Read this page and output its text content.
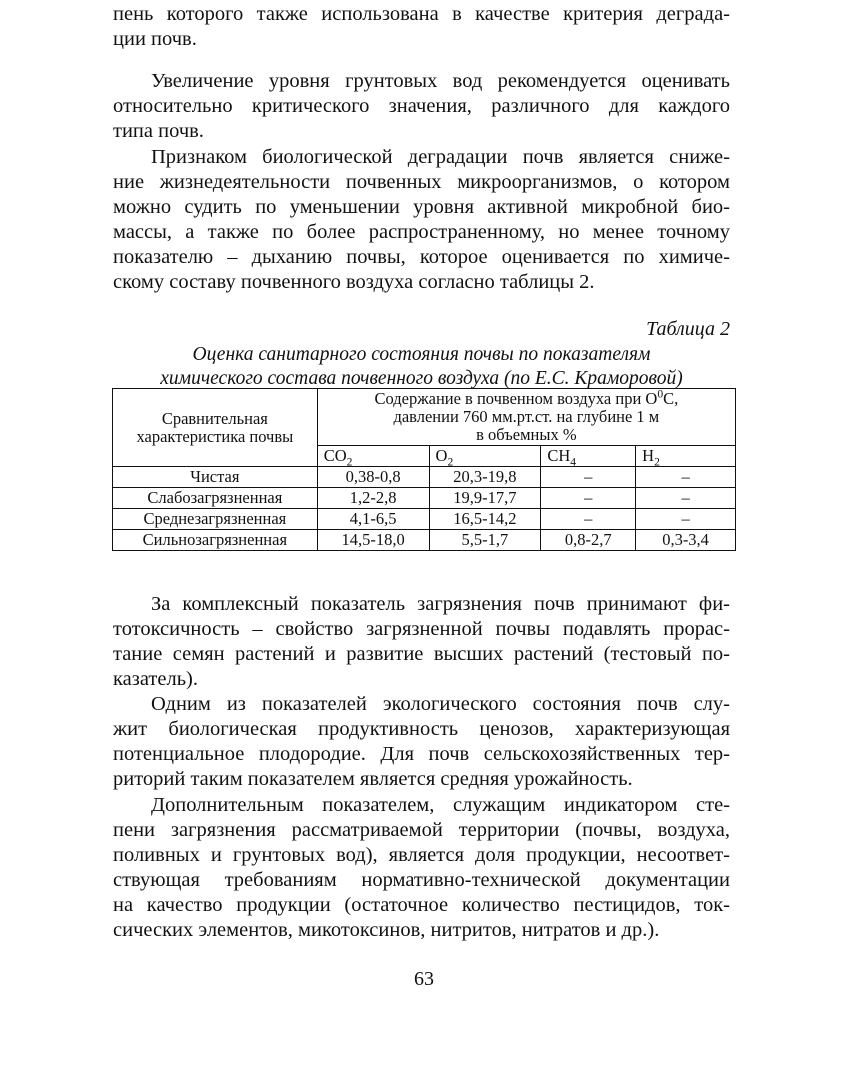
пень которого также использована в качестве критерия деграда-
ции почв.

Увеличение уровня грунтовых вод рекомендуется оценивать
относительно критического значения, различного для каждого
типа почв.

Признаком биологической деградации почв является сниже-
ние жизнедеятельности почвенных микроорганизмов, о котором
можно судить по уменьшении уровня активной микробной био-
массы, а также по более распространенному, но менее точному
показателю – дыханию почвы, которое оценивается по химиче-
скому составу почвенного воздуха согласно таблицы 2.

Таблица 2

Оценка санитарного состояния почвы по показателям
химического состава почвенного воздуха (по Е.С. Краморовой)

Сравнительная
характеристика почвы	Содержание в почвенном воздуха при $О^0С$,
давлении 760 мм.рт.ст. на глубине 1 м
в объемных %			

	$CO_2$	$O_2$	$CH_4$	$H_2$
Чистая	0,38-0,8	20,3-19,8	–	–
Слабозагрязненная	1,2-2,8	19,9-17,7	–	–
Среднезагрязненная	4,1-6,5	16,5-14,2	–	–
Сильнозагрязненная	14,5-18,0	5,5-1,7	0,8-2,7	0,3-3,4

За комплексный показатель загрязнения почв принимают фи-
тотоксичность – свойство загрязненной почвы подавлять прорас-
тание семян растений и развитие высших растений (тестовый по-
казатель).

Одним из показателей экологического состояния почв слу-
жит биологическая продуктивность ценозов, характеризующая
потенциальное плодородие. Для почв сельскохозяйственных тер-
риторий таким показателем является средняя урожайность.

Дополнительным показателем, служащим индикатором сте-
пени загрязнения рассматриваемой территории (почвы, воздуха,
поливных и грунтовых вод), является доля продукции, несоответ-
ствующая требованиям нормативно-технической документации
на качество продукции (остаточное количество пестицидов, ток-
сических элементов, микотоксинов, нитритов, нитратов и др.).

63
